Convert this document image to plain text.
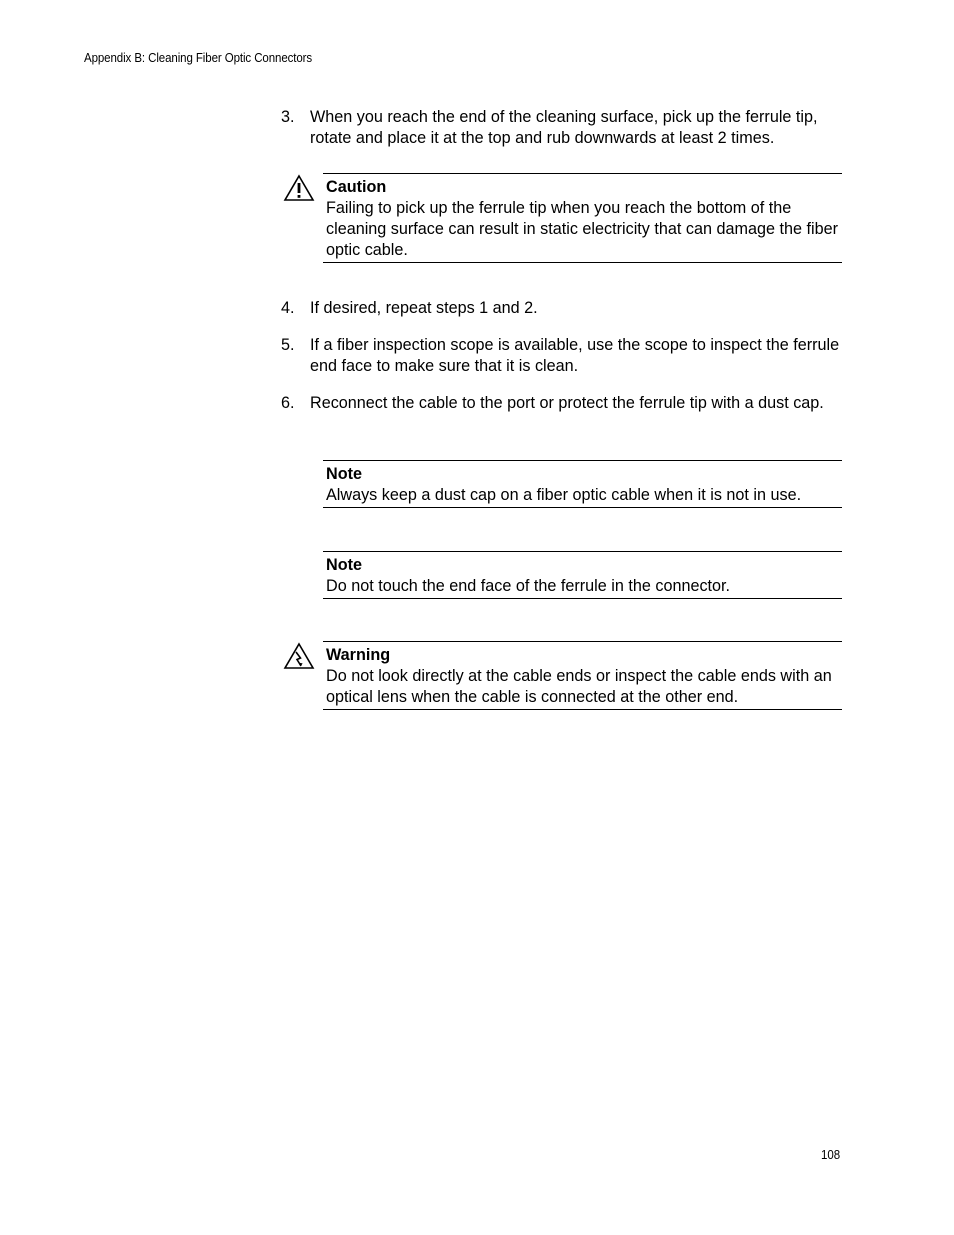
Appendix B: Cleaning Fiber Optic Connectors
3. When you reach the end of the cleaning surface, pick up the ferrule tip, rotate and place it at the top and rub downwards at least 2 times.
Caution
Failing to pick up the ferrule tip when you reach the bottom of the cleaning surface can result in static electricity that can damage the fiber optic cable.
4. If desired, repeat steps 1 and 2.
5. If a fiber inspection scope is available, use the scope to inspect the ferrule end face to make sure that it is clean.
6. Reconnect the cable to the port or protect the ferrule tip with a dust cap.
Note
Always keep a dust cap on a fiber optic cable when it is not in use.
Note
Do not touch the end face of the ferrule in the connector.
Warning
Do not look directly at the cable ends or inspect the cable ends with an optical lens when the cable is connected at the other end.
108
